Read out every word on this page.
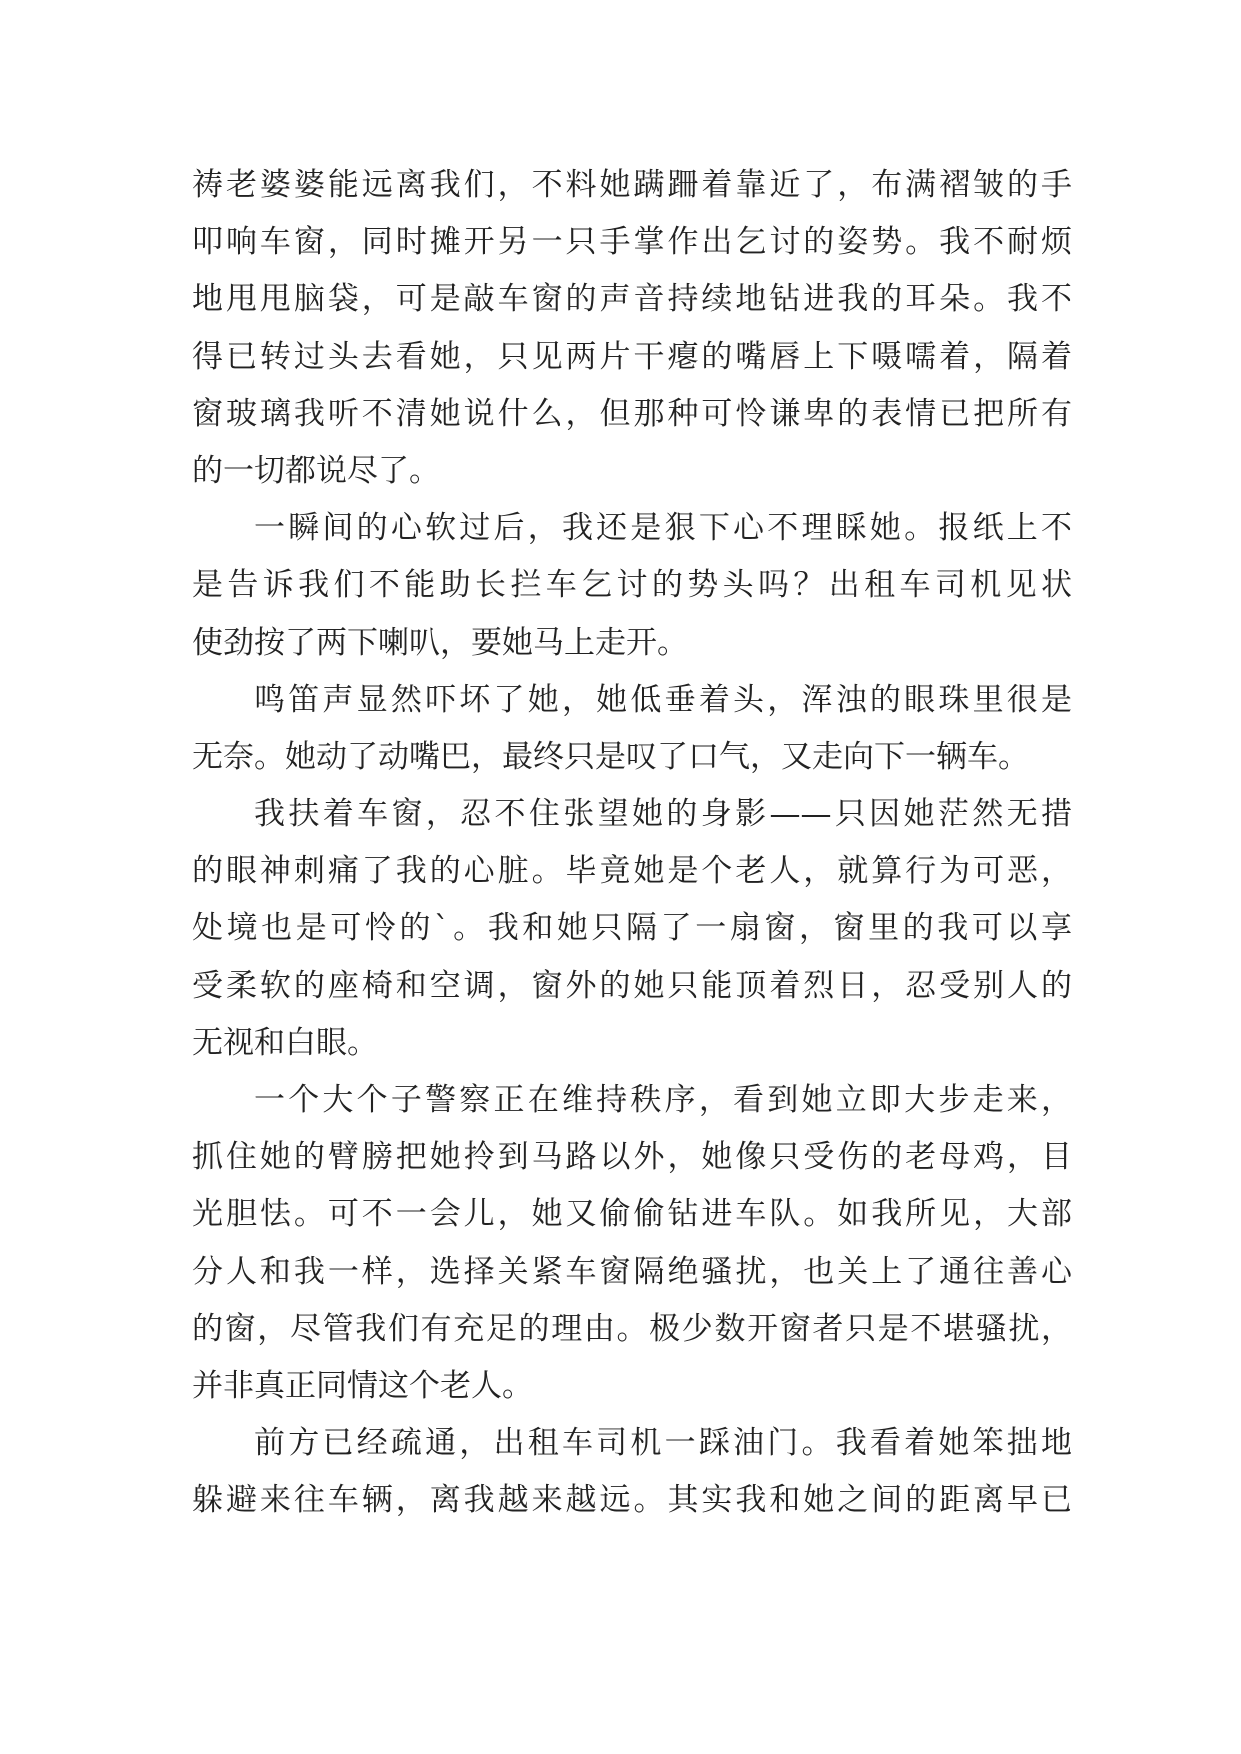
祷老婆婆能远离我们，不料她蹒跚着靠近了，布满褶皱的手
叩响车窗，同时摊开另一只手掌作出乞讨的姿势。我不耐烦
地甩甩脑袋，可是敲车窗的声音持续地钻进我的耳朵。我不
得已转过头去看她，只见两片干瘪的嘴唇上下嗫嚅着，隔着
窗玻璃我听不清她说什么，但那种可怜谦卑的表情已把所有
的一切都说尽了。
一瞬间的心软过后，我还是狠下心不理睬她。报纸上不
是告诉我们不能助长拦车乞讨的势头吗？出租车司机见状
使劲按了两下喇叭，要她马上走开。
鸣笛声显然吓坏了她，她低垂着头，浑浊的眼珠里很是
无奈。她动了动嘴巴，最终只是叹了口气，又走向下一辆车。
我扶着车窗，忍不住张望她的身影——只因她茫然无措
的眼神刺痛了我的心脏。毕竟她是个老人，就算行为可恶，
处境也是可怜的`。我和她只隔了一扇窗，窗里的我可以享
受柔软的座椅和空调，窗外的她只能顶着烈日，忍受别人的
无视和白眼。
一个大个子警察正在维持秩序，看到她立即大步走来，
抓住她的臂膀把她拎到马路以外，她像只受伤的老母鸡，目
光胆怯。可不一会儿，她又偷偷钻进车队。如我所见，大部
分人和我一样，选择关紧车窗隔绝骚扰，也关上了通往善心
的窗，尽管我们有充足的理由。极少数开窗者只是不堪骚扰，
并非真正同情这个老人。
前方已经疏通，出租车司机一踩油门。我看着她笨拙地
躲避来往车辆，离我越来越远。其实我和她之间的距离早已
